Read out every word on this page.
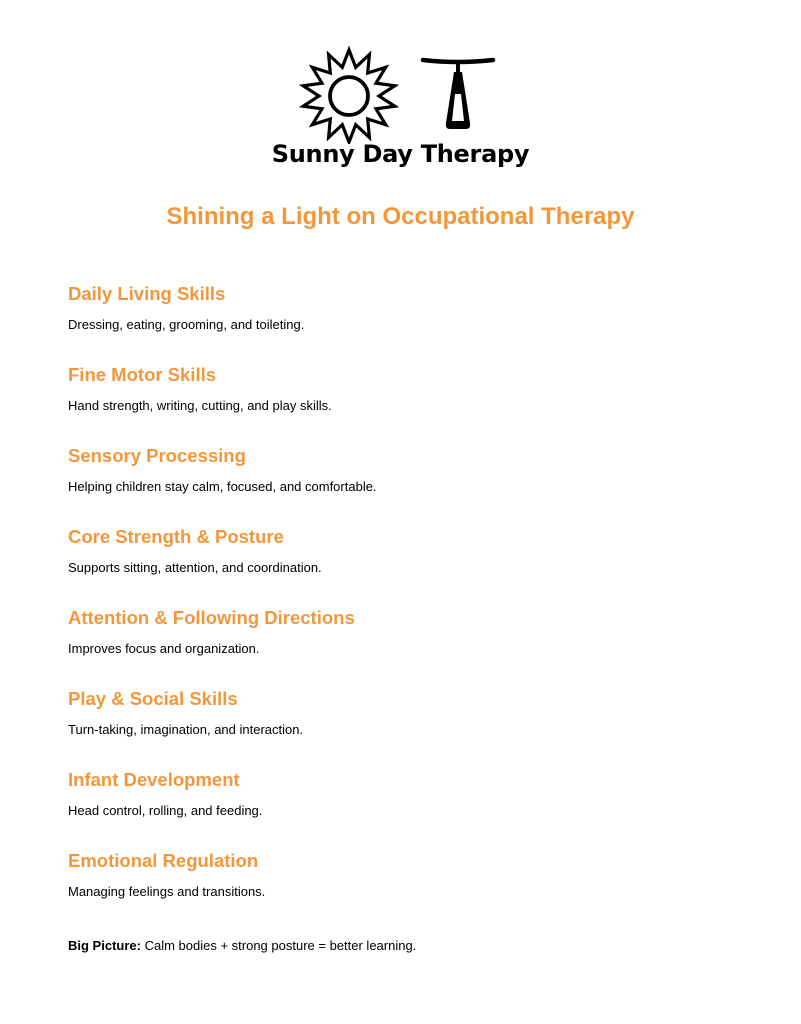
Sunny Day Therapy
Shining a Light on Occupational Therapy
Daily Living Skills
Dressing, eating, grooming, and toileting.
Fine Motor Skills
Hand strength, writing, cutting, and play skills.
Sensory Processing
Helping children stay calm, focused, and comfortable.
Core Strength & Posture
Supports sitting, attention, and coordination.
Attention & Following Directions
Improves focus and organization.
Play & Social Skills
Turn-taking, imagination, and interaction.
Infant Development
Head control, rolling, and feeding.
Emotional Regulation
Managing feelings and transitions.
Big Picture: Calm bodies + strong posture = better learning.
